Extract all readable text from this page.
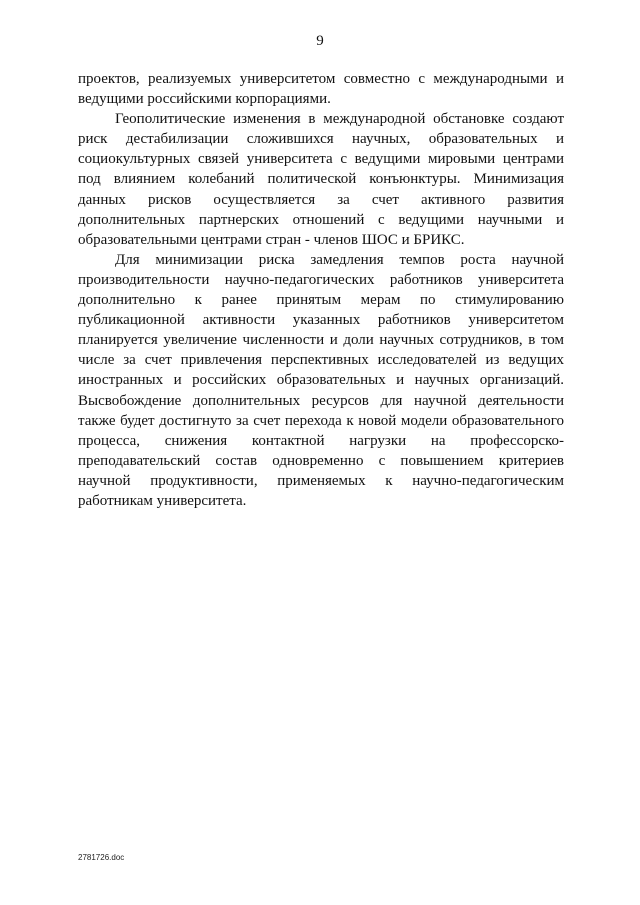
9
проектов, реализуемых университетом совместно с международными и
ведущими российскими корпорациями.
Геополитические изменения в международной обстановке создают
риск дестабилизации сложившихся научных, образовательных и
социокультурных связей университета с ведущими мировыми центрами
под влиянием колебаний политической конъюнктуры. Минимизация
данных рисков осуществляется за счет активного развития
дополнительных партнерских отношений с ведущими научными и
образовательными центрами стран - членов ШОС и БРИКС.
Для минимизации риска замедления темпов роста научной
производительности научно-педагогических работников университета
дополнительно к ранее принятым мерам по стимулированию
публикационной активности указанных работников университетом
планируется увеличение численности и доли научных сотрудников, в том
числе за счет привлечения перспективных исследователей из ведущих
иностранных и российских образовательных и научных организаций.
Высвобождение дополнительных ресурсов для научной деятельности
также будет достигнуто за счет перехода к новой модели образовательного
процесса, снижения контактной нагрузки на профессорско-
преподавательский состав одновременно с повышением критериев
научной продуктивности, применяемых к научно-педагогическим
работникам университета.
2781726.doc
